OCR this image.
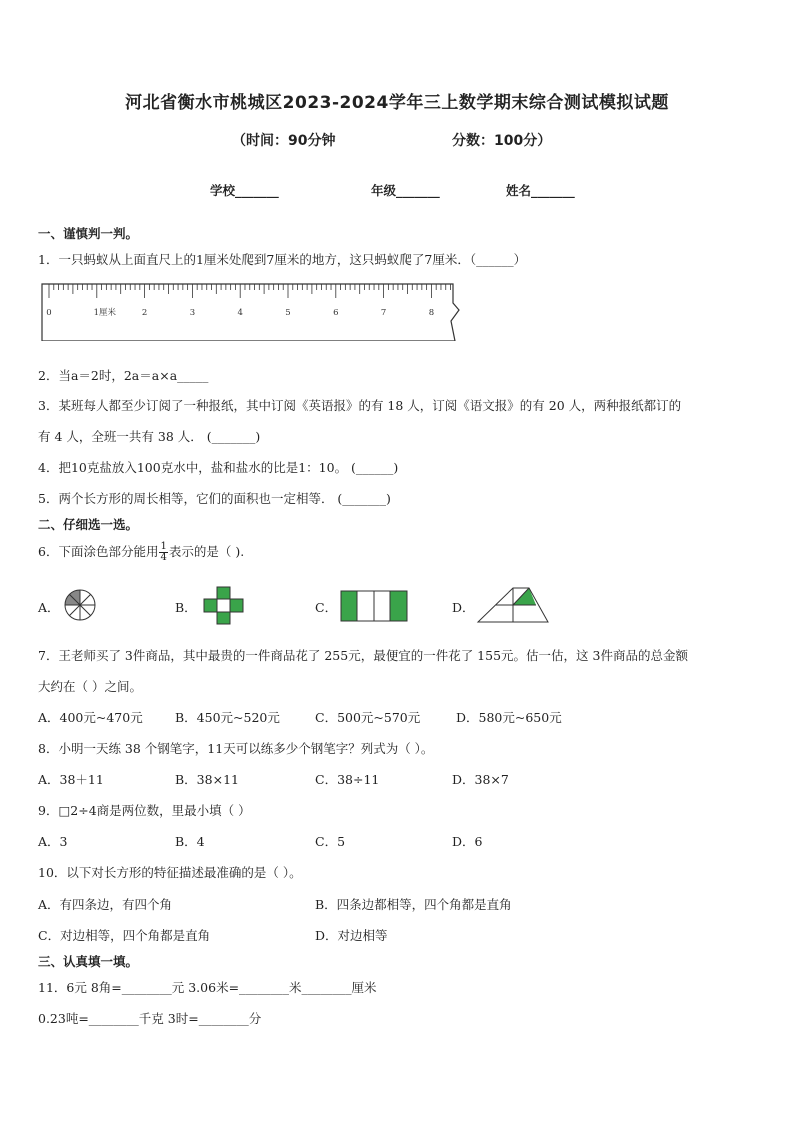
河北省衡水市桃城区2023-2024学年三上数学期末综合测试模拟试题
（时间：90分钟	分数：100分）
学校_______	年级_______	姓名_______
一、谨慎判一判。
1．一只蚂蚁从上面直尺上的1厘米处爬到7厘米的地方，这只蚂蚁爬了7厘米．（______）
0	1厘米	2	3	4	5	6	7	8
2．当a＝2时，2a＝a×a_____
3．某班每人都至少订阅了一种报纸，其中订阅《英语报》的有 18 人，订阅《语文报》的有 20 人，两种报纸都订的
有 4 人，全班一共有 38 人． (_______)
4．把10克盐放入100克水中，盐和盐水的比是1：10。 (______)
5．两个长方形的周长相等，它们的面积也一定相等． (_______)
二、仔细选一选。
6．下面涂色部分能用 $\frac{1}{4}$ 表示的是（ ).
A．	B．	C．	D．
7．王老师买了 3件商品，其中最贵的一件商品花了 255元，最便宜的一件花了 155元。估一估，这 3件商品的总金额
大约在（ ）之间。
A．400元~470元	B．450元~520元	C．500元~570元	D．580元~650元
8．小明一天练 38 个钢笔字，11天可以练多少个钢笔字？列式为（ ）。
A．38＋11	B．38×11	C．38÷11	D．38×7
9．□2÷4商是两位数，里最小填（ ）
A．3	B．4	C．5	D．6
10．以下对长方形的特征描述最准确的是（ ）。
A．有四条边，有四个角	B．四条边都相等，四个角都是直角
C．对边相等，四个角都是直角	D．对边相等
三、认真填一填。
11．6元 8角=________元 3.06米=________米________厘米
0.23吨=________千克 3时=________分
